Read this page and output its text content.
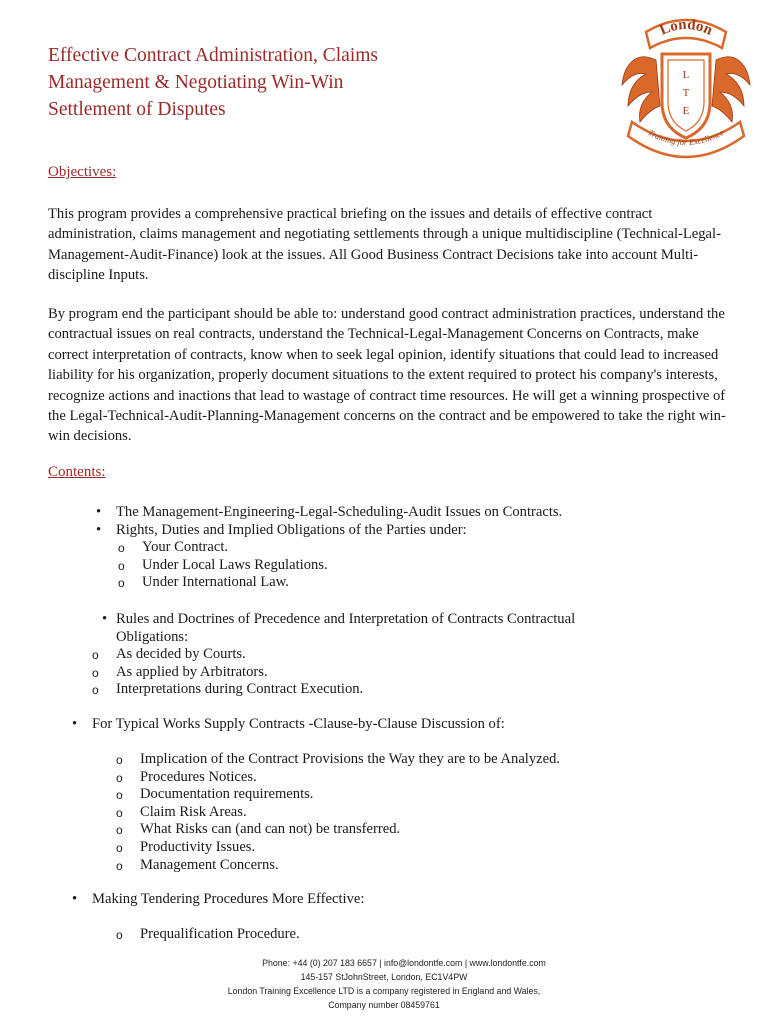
Effective Contract Administration, Claims
Management & Negotiating Win-Win
Settlement of Disputes
London
L
T
E
Training for Excellence
Objectives:

This program provides a comprehensive practical briefing on the issues and details of effective contract administration, claims management and negotiating settlements through a unique multidiscipline (Technical-Legal-Management-Audit-Finance) look at the issues. All Good Business Contract Decisions take into account Multi-discipline Inputs.

By program end the participant should be able to: understand good contract administration practices, understand the contractual issues on real contracts, understand the Technical-Legal-Management Concerns on Contracts, make correct interpretation of contracts, know when to seek legal opinion, identify situations that could lead to increased liability for his organization, properly document situations to the extent required to protect his company's interests, recognize actions and inactions that lead to wastage of contract time resources. He will get a winning prospective of the Legal-Technical-Audit-Planning-Management concerns on the contract and be empowered to take the right win-win decisions.

Contents:
• The Management-Engineering-Legal-Scheduling-Audit Issues on Contracts.
• Rights, Duties and Implied Obligations of the Parties under:
o Your Contract.
o Under Local Laws Regulations.
o Under International Law.
• Rules and Doctrines of Precedence and Interpretation of Contracts Contractual Obligations:
o As decided by Courts.
o As applied by Arbitrators.
o Interpretations during Contract Execution.
• For Typical Works Supply Contracts -Clause-by-Clause Discussion of:
o Implication of the Contract Provisions the Way they are to be Analyzed.
o Procedures Notices.
o Documentation requirements.
o Claim Risk Areas.
o What Risks can (and can not) be transferred.
o Productivity Issues.
o Management Concerns.
• Making Tendering Procedures More Effective:
o Prequalification Procedure.
Phone: +44 (0) 207 183 6657 | info@londontfe.com | www.londontfe.com
145-157 StJohnStreet, London, EC1V4PW
London Training Excellence LTD is a company registered in England and Wales,
Company number 08459761
